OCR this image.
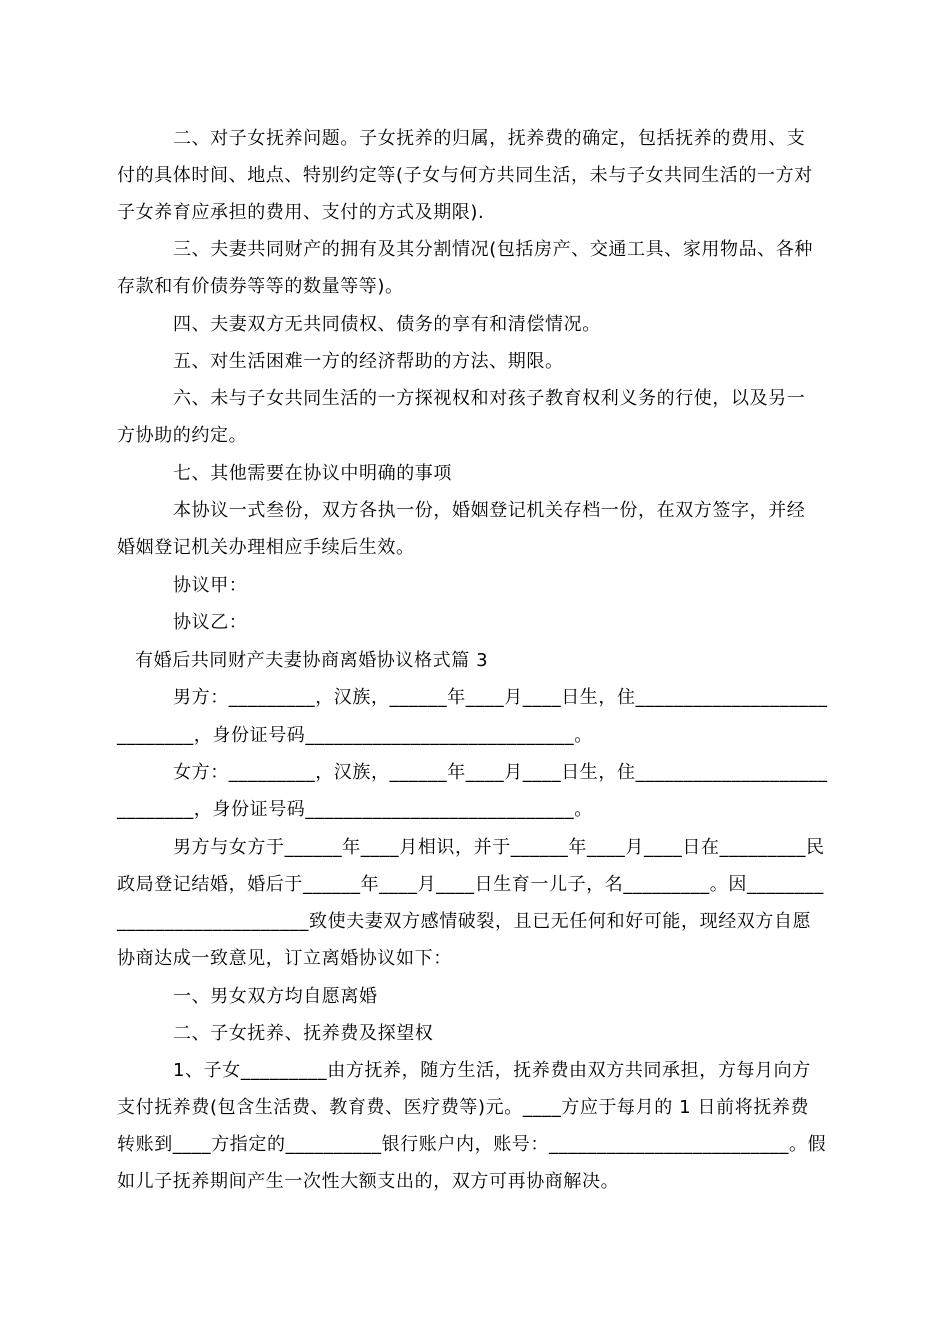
二、对子女抚养问题。子女抚养的归属，抚养费的确定，包括抚养的费用、支
付的具体时间、地点、特别约定等(子女与何方共同生活，未与子女共同生活的一方对
子女养育应承担的费用、支付的方式及期限).
三、夫妻共同财产的拥有及其分割情况(包括房产、交通工具、家用物品、各种
存款和有价债券等等的数量等等)。
四、夫妻双方无共同债权、债务的享有和清偿情况。
五、对生活困难一方的经济帮助的方法、期限。
六、未与子女共同生活的一方探视权和对孩子教育权利义务的行使，以及另一
方协助的约定。
七、其他需要在协议中明确的事项
本协议一式叁份，双方各执一份，婚姻登记机关存档一份，在双方签字，并经
婚姻登记机关办理相应手续后生效。
协议甲：
协议乙：
有婚后共同财产夫妻协商离婚协议格式篇 3
男方：_________，汉族，______年____月____日生，住____________________
________，身份证号码____________________________。
女方：_________，汉族，______年____月____日生，住____________________
________，身份证号码____________________________。
男方与女方于______年____月相识，并于______年____月____日在_________民
政局登记结婚，婚后于______年____月____日生育一儿子，名_________。因________
____________________致使夫妻双方感情破裂，且已无任何和好可能，现经双方自愿
协商达成一致意见，订立离婚协议如下：
一、男女双方均自愿离婚
二、子女抚养、抚养费及探望权
1、子女_________由方抚养，随方生活，抚养费由双方共同承担，方每月向方
支付抚养费(包含生活费、教育费、医疗费等)元。____方应于每月的 1 日前将抚养费
转账到____方指定的__________银行账户内，账号：_________________________。假
如儿子抚养期间产生一次性大额支出的，双方可再协商解决。
